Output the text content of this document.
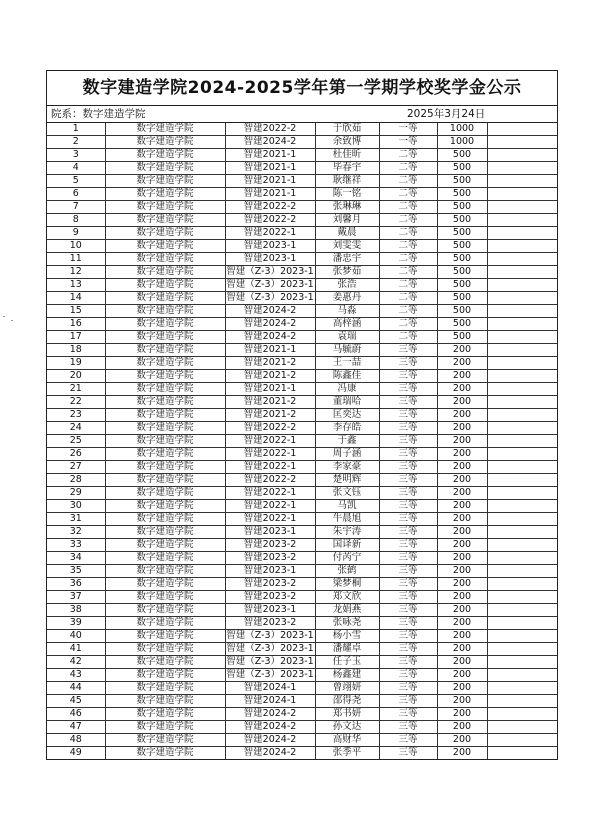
数字建造学院2024-2025学年第一学期学校奖学金公示
院系：数字建造学院	2025年3月24日
1	数字建造学院	智建2022-2	于欣茹	一等	1000	
2	数字建造学院	智建2024-2	余致博	一等	1000	
3	数字建造学院	智建2021-1	杜佳昕	二等	500	
4	数字建造学院	智建2021-1	毕春宇	二等	500	
5	数字建造学院	智建2021-1	耿继祥	二等	500	
6	数字建造学院	智建2021-1	陈一铭	二等	500	
7	数字建造学院	智建2022-2	张琳琳	二等	500	
8	数字建造学院	智建2022-2	刘馨月	二等	500	
9	数字建造学院	智建2022-1	戴晨	二等	500	
10	数字建造学院	智建2023-1	刘雯雯	二等	500	
11	数字建造学院	智建2023-1	潘忠宇	二等	500	
12	数字建造学院	智建（Z-3）2023-1	张梦茹	二等	500	
13	数字建造学院	智建（Z-3）2023-1	张浩	二等	500	
14	数字建造学院	智建（Z-3）2023-1	姜惠丹	二等	500	
15	数字建造学院	智建2024-2	马淼	二等	500	
16	数字建造学院	智建2024-2	高梓涵	二等	500	
17	数字建造学院	智建2024-2	袁瑞	二等	500	
18	数字建造学院	智建2021-1	马毓蔚	三等	200	
19	数字建造学院	智建2021-2	王一喆	三等	200	
20	数字建造学院	智建2021-2	陈鑫佳	三等	200	
21	数字建造学院	智建2021-1	冯康	三等	200	
22	数字建造学院	智建2021-2	董瑞哈	三等	200	
23	数字建造学院	智建2021-2	匡奕达	三等	200	
24	数字建造学院	智建2022-2	李存皓	三等	200	
25	数字建造学院	智建2022-1	于鑫	三等	200	
26	数字建造学院	智建2022-1	周子涵	三等	200	
27	数字建造学院	智建2022-1	李家豪	三等	200	
28	数字建造学院	智建2022-2	楚明辉	三等	200	
29	数字建造学院	智建2022-1	张文钰	三等	200	
30	数字建造学院	智建2022-1	马凯	三等	200	
31	数字建造学院	智建2022-1	牛晨旭	三等	200	
32	数字建造学院	智建2023-1	朱宇涛	三等	200	
33	数字建造学院	智建2023-2	国译新	三等	200	
34	数字建造学院	智建2023-2	付芮宁	三等	200	
35	数字建造学院	智建2023-1	张鹤	三等	200	
36	数字建造学院	智建2023-2	梁梦桐	三等	200	
37	数字建造学院	智建2023-2	郑文欣	三等	200	
38	数字建造学院	智建2023-1	龙娟燕	三等	200	
39	数字建造学院	智建2023-2	张咏尧	三等	200	
40	数字建造学院	智建（Z-3）2023-1	杨小雪	三等	200	
41	数字建造学院	智建（Z-3）2023-1	潘耀卓	三等	200	
42	数字建造学院	智建（Z-3）2023-1	任子玉	三等	200	
43	数字建造学院	智建（Z-3）2023-1	杨鑫建	三等	200	
44	数字建造学院	智建2024-1	曾翊妍	三等	200	
45	数字建造学院	智建2024-1	邵得尧	三等	200	
46	数字建造学院	智建2024-2	郑书妍	三等	200	
47	数字建造学院	智建2024-2	孙文达	三等	200	
48	数字建造学院	智建2024-2	高财华	三等	200	
49	数字建造学院	智建2024-2	张季平	三等	200	
